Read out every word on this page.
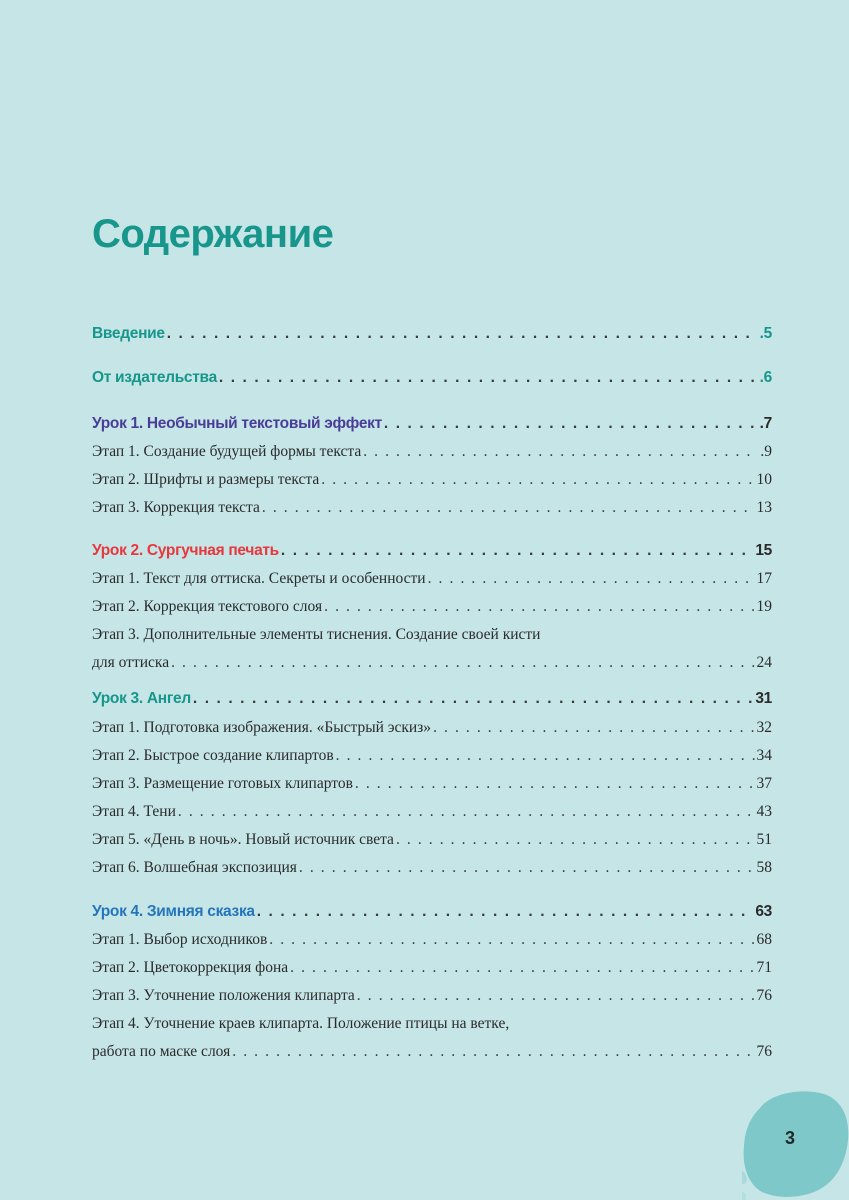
Содержание
Введение . . .	.5
От издательства . . .	.6
Урок 1. Необычный текстовый эффект . . .	.7
Этап 1. Создание будущей формы текста . . .	.9
Этап 2. Шрифты и размеры текста . . .	10
Этап 3. Коррекция текста . . .	13
Урок 2. Сургучная печать . . .	15
Этап 1. Текст для оттиска. Секреты и особенности . . .	17
Этап 2. Коррекция текстового слоя . . .	19
Этап 3. Дополнительные элементы тиснения. Создание своей кисти
для оттиска . . .	24
Урок 3. Ангел . . .	31
Этап 1. Подготовка изображения. «Быстрый эскиз» . . .	32
Этап 2. Быстрое создание клипартов . . .	34
Этап 3. Размещение готовых клипартов . . .	37
Этап 4. Тени . . .	43
Этап 5. «День в ночь». Новый источник света . . .	51
Этап 6. Волшебная экспозиция . . .	58
Урок 4. Зимняя сказка . . .	63
Этап 1. Выбор исходников . . .	68
Этап 2. Цветокоррекция фона . . .	71
Этап 3. Уточнение положения клипарта . . .	76
Этап 4. Уточнение краев клипарта. Положение птицы на ветке,
работа по маске слоя . . .	76
3
